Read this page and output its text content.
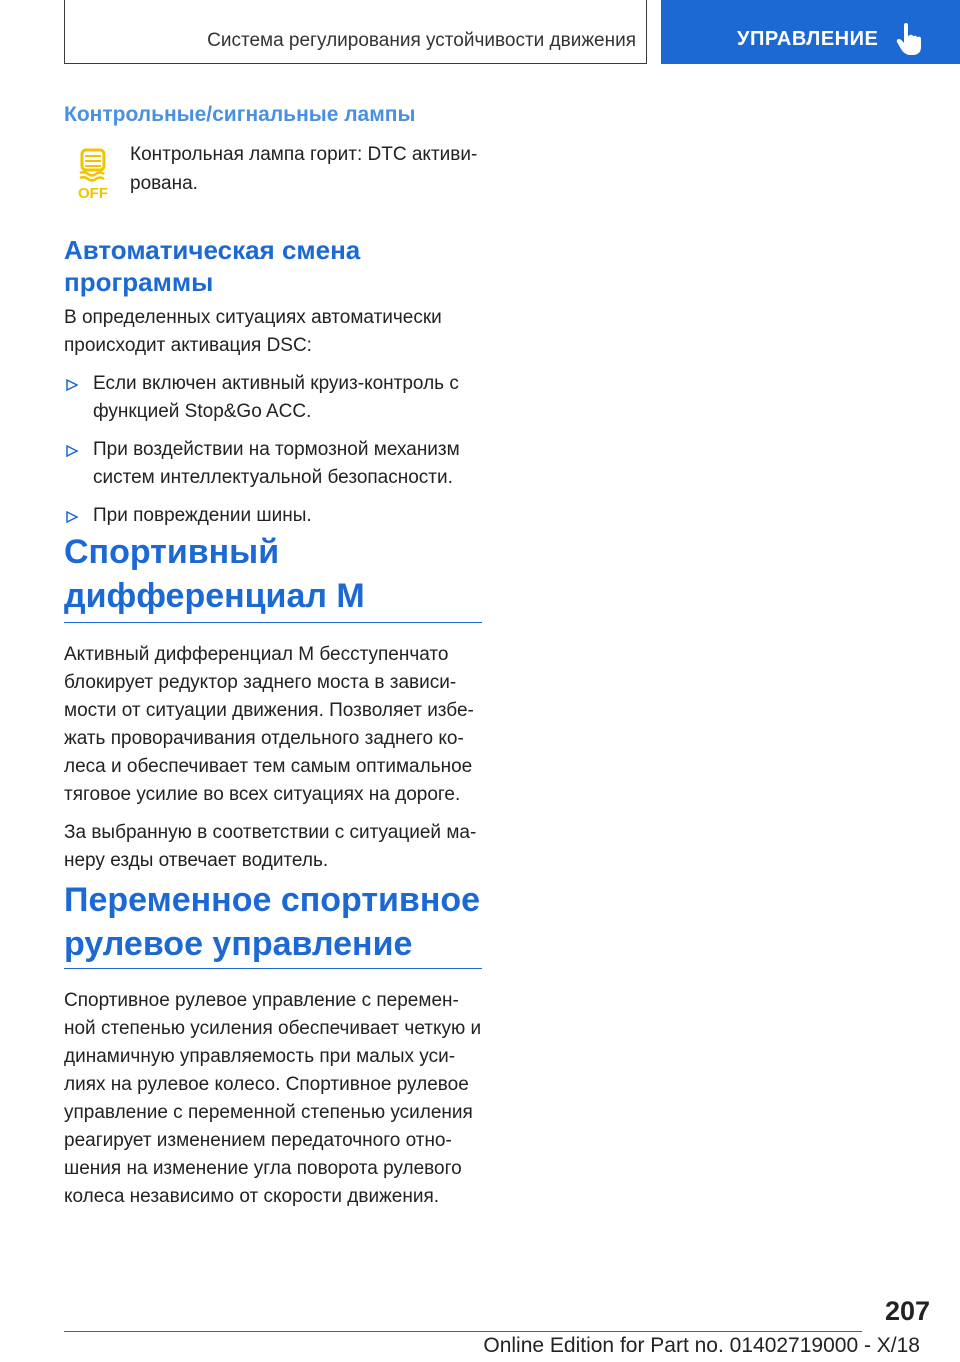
Система регулирования устойчивости движения	УПРАВЛЕНИЕ
Контрольные/сигнальные лампы
OFF
Контрольная лампа горит: DTC активирована.
Автоматическая смена
программы

В определенных ситуациях автоматически происходит активация DSC:

Если включен активный круиз-контроль с функцией Stop&Go ACC.
При воздействии на тормозной механизм систем интеллектуальной безопасности.
При повреждении шины.
Спортивный
дифференциал M

Активный дифференциал M бесступенчато блокирует редуктор заднего моста в зависимости от ситуации движения. Позволяет избежать проворачивания отдельного заднего колеса и обеспечивает тем самым оптимальное тяговое усилие во всех ситуациях на дороге.

За выбранную в соответствии с ситуацией манеру езды отвечает водитель.

Переменное спортивное
рулевое управление

Спортивное рулевое управление с переменной степенью усиления обеспечивает четкую и динамичную управляемость при малых усилиях на рулевое колесо. Спортивное рулевое управление с переменной степенью усиления реагирует изменением передаточного отношения на изменение угла поворота рулевого колеса независимо от скорости движения.

207
Online Edition for Part no. 01402719000 - X/18
